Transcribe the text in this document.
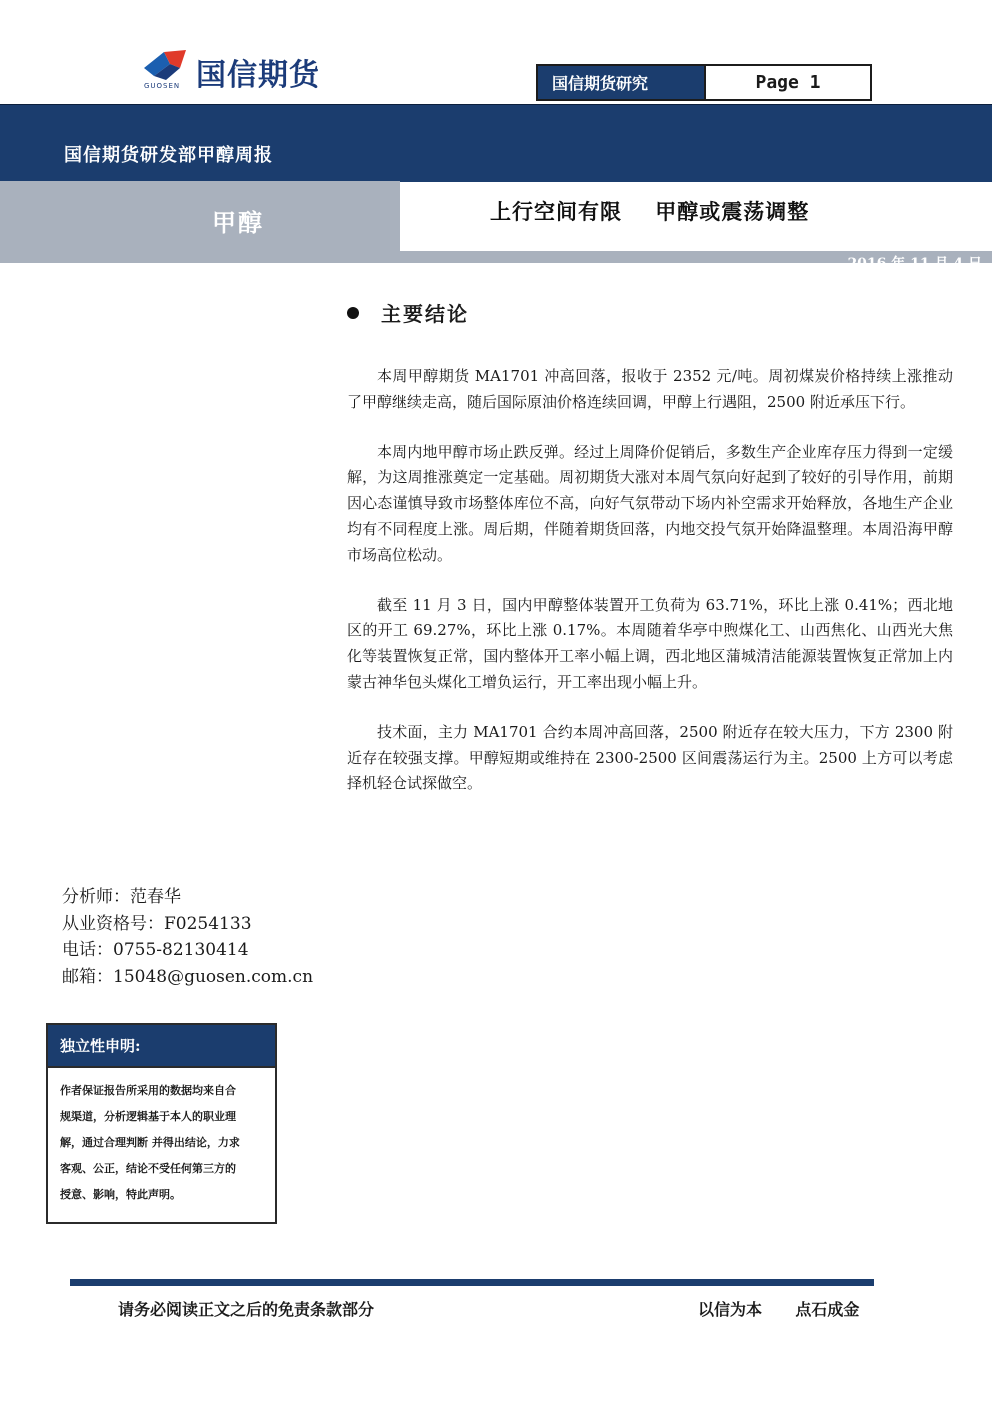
GUOSEN 国信期货	国信期货研究	Page 1
国信期货研发部甲醇周报
甲醇	上行空间有限    甲醇或震荡调整
2016 年 11 月 4 日
主要结论

本周甲醇期货 MA1701 冲高回落，报收于 2352 元/吨。周初煤炭价格持续上涨推动了甲醇继续走高，随后国际原油价格连续回调，甲醇上行遇阻，2500 附近承压下行。

本周内地甲醇市场止跌反弹。经过上周降价促销后，多数生产企业库存压力得到一定缓解，为这周推涨奠定一定基础。周初期货大涨对本周气氛向好起到了较好的引导作用，前期因心态谨慎导致市场整体库位不高，向好气氛带动下场内补空需求开始释放，各地生产企业均有不同程度上涨。周后期，伴随着期货回落，内地交投气氛开始降温整理。本周沿海甲醇市场高位松动。

截至 11 月 3 日，国内甲醇整体装置开工负荷为 63.71%，环比上涨 0.41%；西北地区的开工 69.27%，环比上涨 0.17%。本周随着华亭中煦煤化工、山西焦化、山西光大焦化等装置恢复正常，国内整体开工率小幅上调，西北地区蒲城清洁能源装置恢复正常加上内蒙古神华包头煤化工增负运行，开工率出现小幅上升。

技术面，主力 MA1701 合约本周冲高回落，2500 附近存在较大压力，下方 2300 附近存在较强支撑。甲醇短期或维持在 2300-2500 区间震荡运行为主。2500 上方可以考虑择机轻仓试探做空。

分析师：范春华
从业资格号：F0254133
电话：0755-82130414
邮箱：15048@guosen.com.cn
独立性申明:
作者保证报告所采用的数据均来自合
规渠道，分析逻辑基于本人的职业理
解，通过合理判断 并得出结论，力求
客观、公正，结论不受任何第三方的
授意、影响，特此声明。
请务必阅读正文之后的免责条款部分	以信为本      点石成金
